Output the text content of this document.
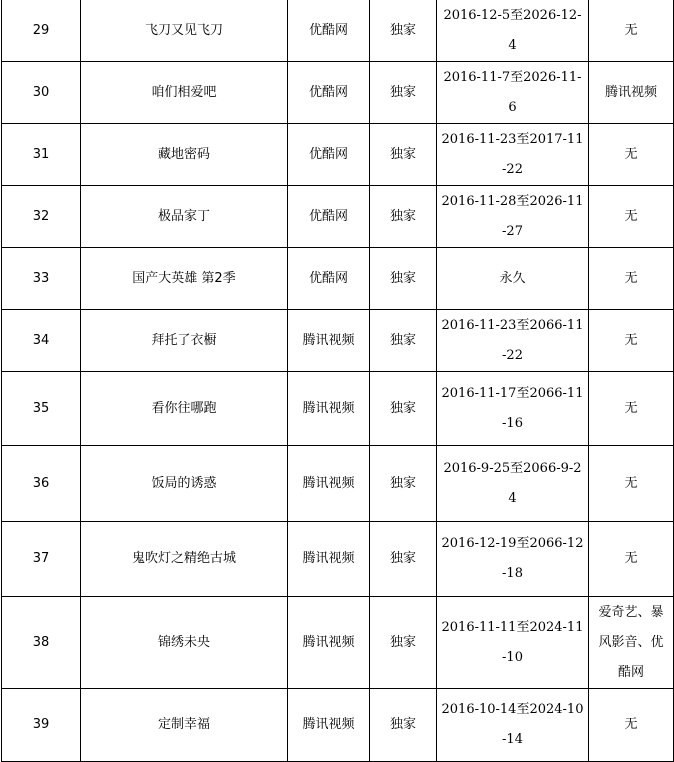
29	飞刀又见飞刀	优酷网	独家	2016-12-5至2026-12-4	无
30	咱们相爱吧	优酷网	独家	2016-11-7至2026-11-6	腾讯视频
31	藏地密码	优酷网	独家	2016-11-23至2017-11-22	无
32	极品家丁	优酷网	独家	2016-11-28至2026-11-27	无
33	国产大英雄 第2季	优酷网	独家	永久	无
34	拜托了衣橱	腾讯视频	独家	2016-11-23至2066-11-22	无
35	看你往哪跑	腾讯视频	独家	2016-11-17至2066-11-16	无
36	饭局的诱惑	腾讯视频	独家	2016-9-25至2066-9-24	无
37	鬼吹灯之精绝古城	腾讯视频	独家	2016-12-19至2066-12-18	无
38	锦绣未央	腾讯视频	独家	2016-11-11至2024-11-10	爱奇艺、暴风影音、优酷网
39	定制幸福	腾讯视频	独家	2016-10-14至2024-10-14	无
